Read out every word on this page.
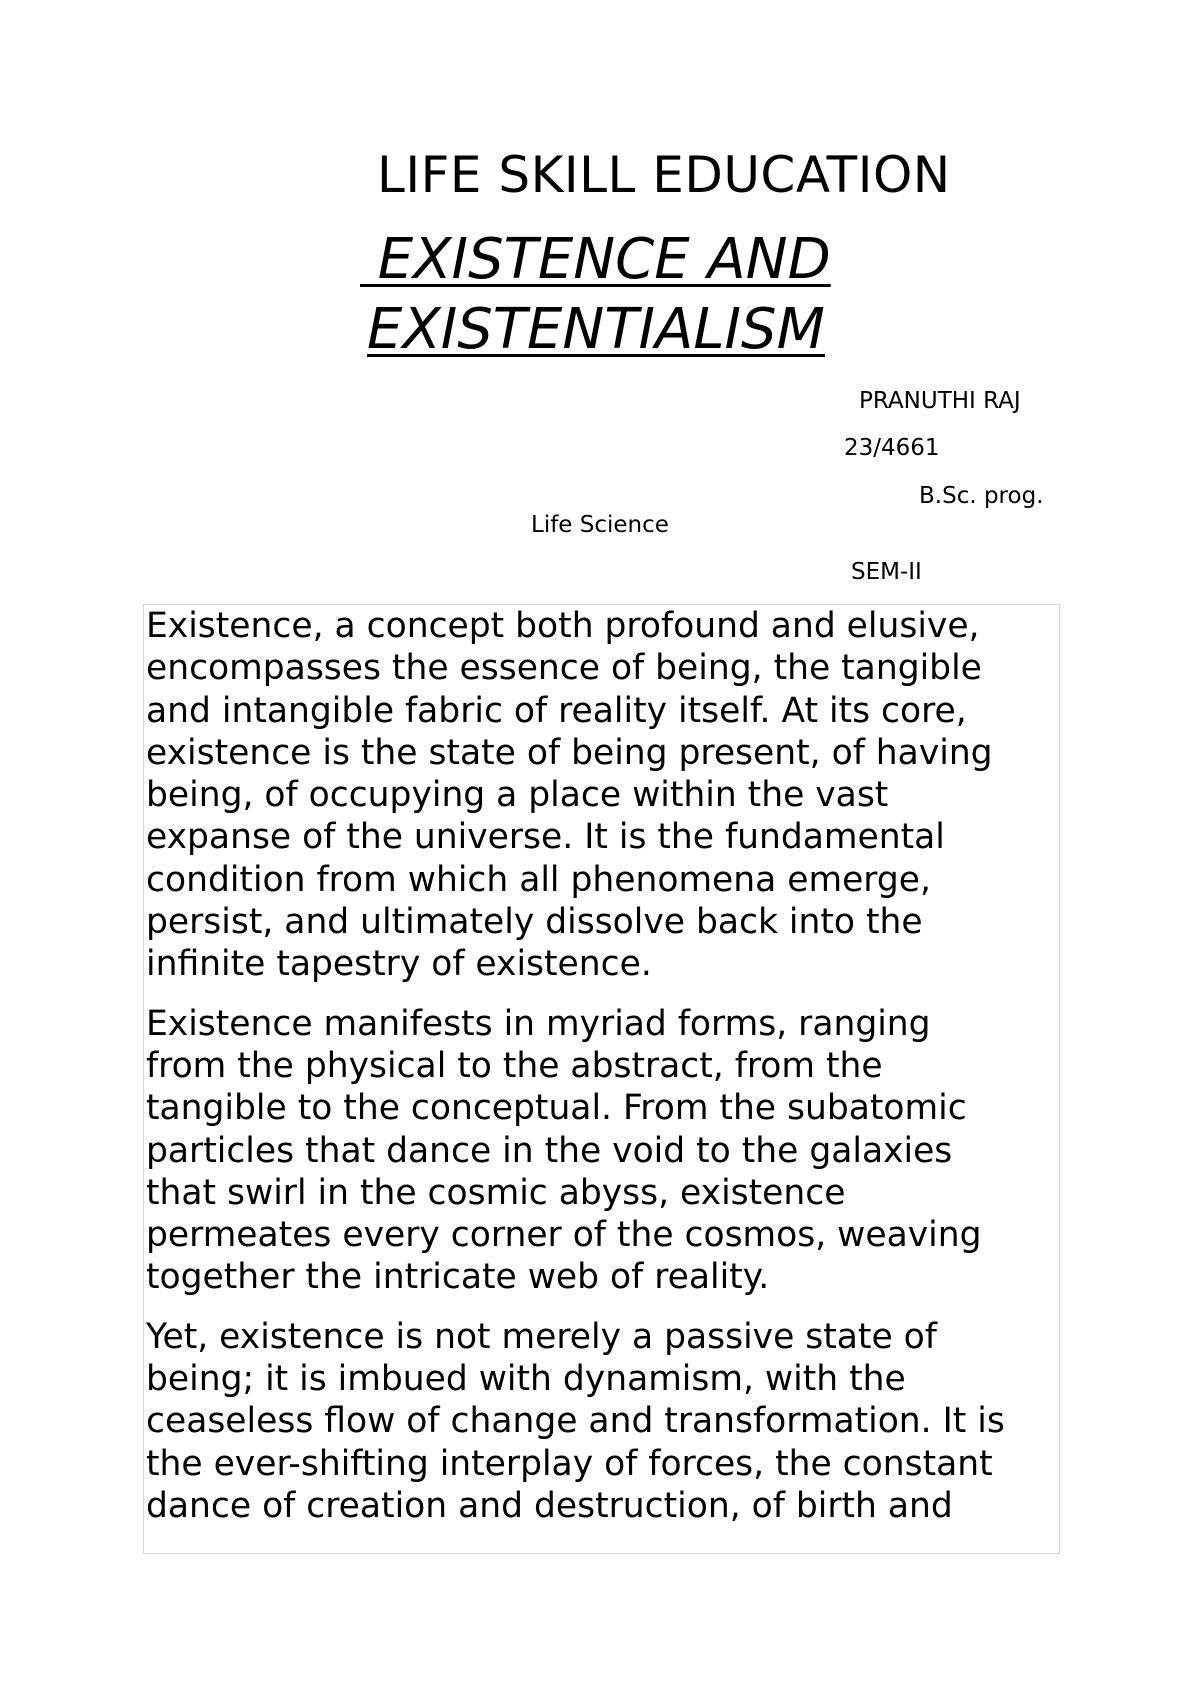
LIFE SKILL EDUCATION
EXISTENCE AND
EXISTENTIALISM
PRANUTHI RAJ
23/4661
B.Sc. prog.
Life Science
SEM-II

Existence, a concept both profound and elusive,
encompasses the essence of being, the tangible
and intangible fabric of reality itself. At its core,
existence is the state of being present, of having
being, of occupying a place within the vast
expanse of the universe. It is the fundamental
condition from which all phenomena emerge,
persist, and ultimately dissolve back into the
infinite tapestry of existence.

Existence manifests in myriad forms, ranging
from the physical to the abstract, from the
tangible to the conceptual. From the subatomic
particles that dance in the void to the galaxies
that swirl in the cosmic abyss, existence
permeates every corner of the cosmos, weaving
together the intricate web of reality.

Yet, existence is not merely a passive state of
being; it is imbued with dynamism, with the
ceaseless flow of change and transformation. It is
the ever-shifting interplay of forces, the constant
dance of creation and destruction, of birth and
